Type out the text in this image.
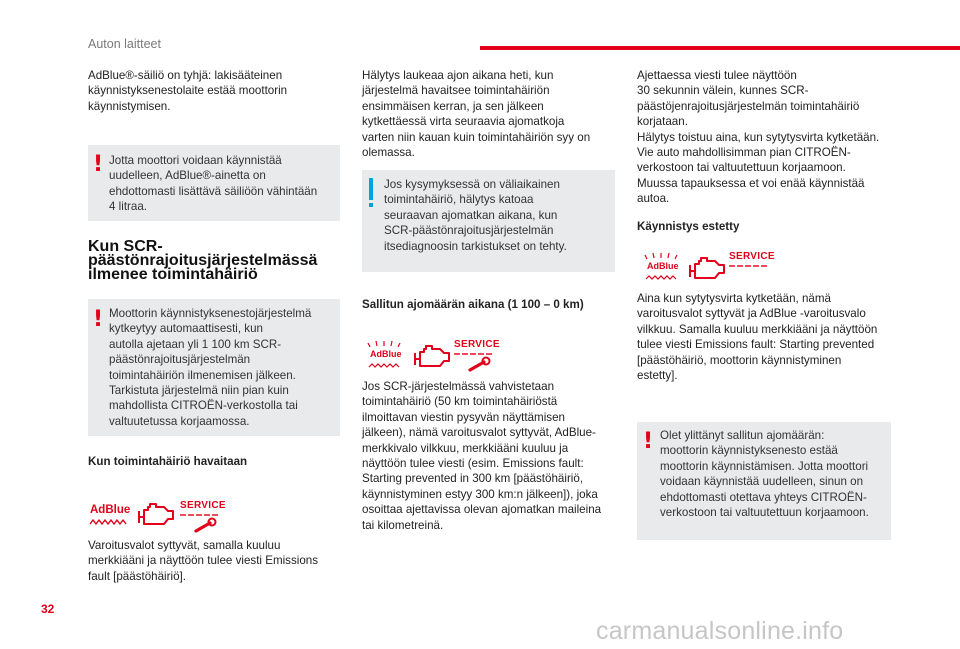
Auton laitteet
AdBlue®-säiliö on tyhjä: lakisääteinen
käynnistyksenestolaite estää moottorin
käynnistymisen.
! Jotta moottori voidaan käynnistää
uudelleen, AdBlue®-ainetta on
ehdottomasti lisättävä säiliöön vähintään
4 litraa.
Kun SCR-
päästönrajoitusjärjestelmässä
ilmenee toimintahäiriö
! Moottorin käynnistyksenestojärjestelmä
kytkeytyy automaattisesti, kun
autolla ajetaan yli 1 100 km SCR-
päästönrajoitusjärjestelmän
toimintahäiriön ilmenemisen jälkeen.
Tarkistuta järjestelmä niin pian kuin
mahdollista CITROËN-verkostolla tai
valtuutetussa korjaamossa.
Kun toimintahäiriö havaitaan
AdBlue	SERVICE
Varoitusvalot syttyvät, samalla kuuluu
merkkiääni ja näyttöön tulee viesti Emissions
fault [päästöhäiriö].
Hälytys laukeaa ajon aikana heti, kun
järjestelmä havaitsee toimintahäiriön
ensimmäisen kerran, ja sen jälkeen
kytkettäessä virta seuraavia ajomatkoja
varten niin kauan kuin toimintahäiriön syy on
olemassa.
Jos kysymyksessä on väliaikainen
toimintahäiriö, hälytys katoaa
seuraavan ajomatkan aikana, kun
SCR-päästönrajoitusjärjestelmän
itsediagnoosin tarkistukset on tehty.
Sallitun ajomäärän aikana (1 100 – 0 km)
AdBlue
SERVICE
Jos SCR-järjestelmässä vahvistetaan
toimintahäiriö (50 km toimintahäiriöstä
ilmoittavan viestin pysyvän näyttämisen
jälkeen), nämä varoitusvalot syttyvät, AdBlue-
merkkivalo vilkkuu, merkkiääni kuuluu ja
näyttöön tulee viesti (esim. Emissions fault:
Starting prevented in 300 km [päästöhäiriö,
käynnistyminen estyy 300 km:n jälkeen]), joka
osoittaa ajettavissa olevan ajomatkan maileina
tai kilometreinä.
Ajettaessa viesti tulee näyttöön
30 sekunnin välein, kunnes SCR-
päästöjenrajoitusjärjestelmän toimintahäiriö
korjataan.
Hälytys toistuu aina, kun sytytysvirta kytketään.
Vie auto mahdollisimman pian CITROËN-
verkostoon tai valtuutettuun korjaamoon.
Muussa tapauksessa et voi enää käynnistää
autoa.
Käynnistys estetty
AdBlue
SERVICE
Aina kun sytytysvirta kytketään, nämä
varoitusvalot syttyvät ja AdBlue -varoitusvalo
vilkkuu. Samalla kuuluu merkkiääni ja näyttöön
tulee viesti Emissions fault: Starting prevented
[päästöhäiriö, moottorin käynnistyminen
estetty].
! Olet ylittänyt sallitun ajomäärän:
moottorin käynnistyksenesto estää
moottorin käynnistämisen. Jotta moottori
voidaan käynnistää uudelleen, sinun on
ehdottomasti otettava yhteys CITROËN-
verkostoon tai valtuutettuun korjaamoon.
32
carmanualsonline.info
